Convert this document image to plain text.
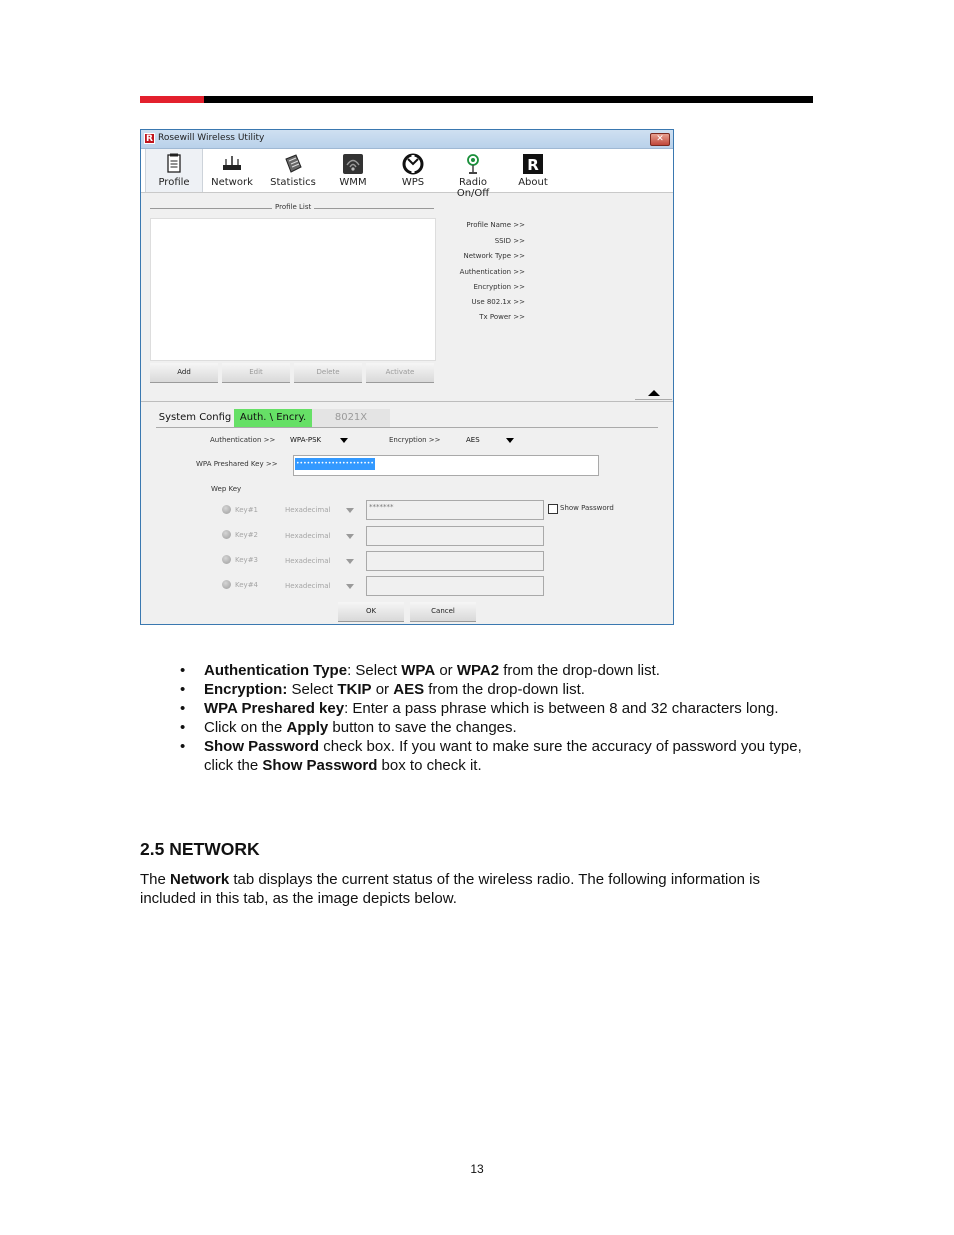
R Rosewill Wireless Utility	✕
Profile	Network	Statistics	WMM	WPS	Radio On/Off
R
About
Profile List
Profile Name >>
SSID >>
Network Type >>
Authentication >>
Encryption >>
Use 802.1x >>
Tx Power >>
Add	Edit	Delete	Activate
System Config Auth. \ Encry.	8021X
Authentication >> WPA-PSK	Encryption >>	AES
WPA Preshared Key >>	••••••••••••••••••••••
Wep Key
Key#1	Hexadecimal	*******	Show Password
Key#2	Hexadecimal
Key#3	Hexadecimal
Key#4	Hexadecimal
OK	Cancel
• Authentication Type: Select WPA or WPA2 from the drop-down list.
• Encryption: Select TKIP or AES from the drop-down list.
• WPA Preshared key: Enter a pass phrase which is between 8 and 32 characters long.
• Click on the Apply button to save the changes.
• Show Password check box. If you want to make sure the accuracy of password you type, click the Show Password box to check it.
2.5 NETWORK
The Network tab displays the current status of the wireless radio. The following information is included in this tab, as the image depicts below.
13
